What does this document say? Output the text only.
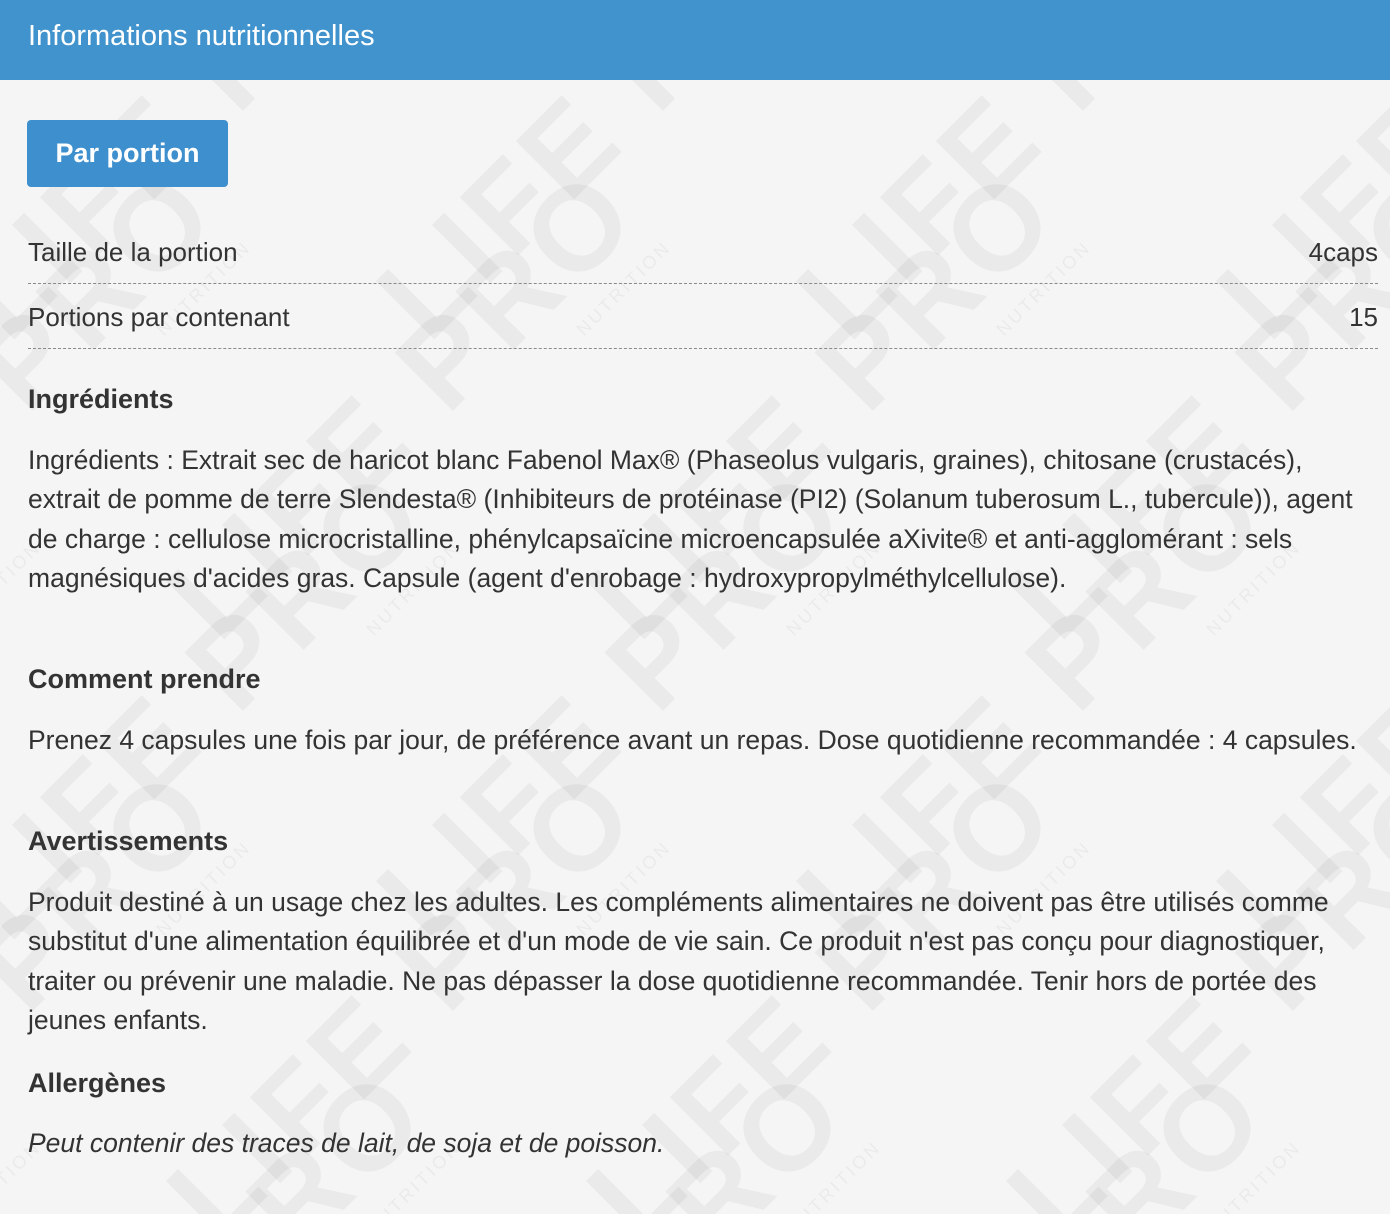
Informations nutritionnelles
Par portion
Taille de la portion	4caps
Portions par contenant	15
Ingrédients
Ingrédients : Extrait sec de haricot blanc Fabenol Max® (Phaseolus vulgaris, graines), chitosane (crustacés), extrait de pomme de terre Slendesta® (Inhibiteurs de protéinase (PI2) (Solanum tuberosum L., tubercule)), agent de charge : cellulose microcristalline, phénylcapsaïcine microencapsulée aXivite® et anti-agglomérant : sels magnésiques d'acides gras. Capsule (agent d'enrobage : hydroxypropylméthylcellulose).
Comment prendre
Prenez 4 capsules une fois par jour, de préférence avant un repas. Dose quotidienne recommandée : 4 capsules.
Avertissements
Produit destiné à un usage chez les adultes. Les compléments alimentaires ne doivent pas être utilisés comme substitut d'une alimentation équilibrée et d'un mode de vie sain. Ce produit n'est pas conçu pour diagnostiquer, traiter ou prévenir une maladie. Ne pas dépasser la dose quotidienne recommandée. Tenir hors de portée des jeunes enfants.
Allergènes
Peut contenir des traces de lait, de soja et de poisson.
